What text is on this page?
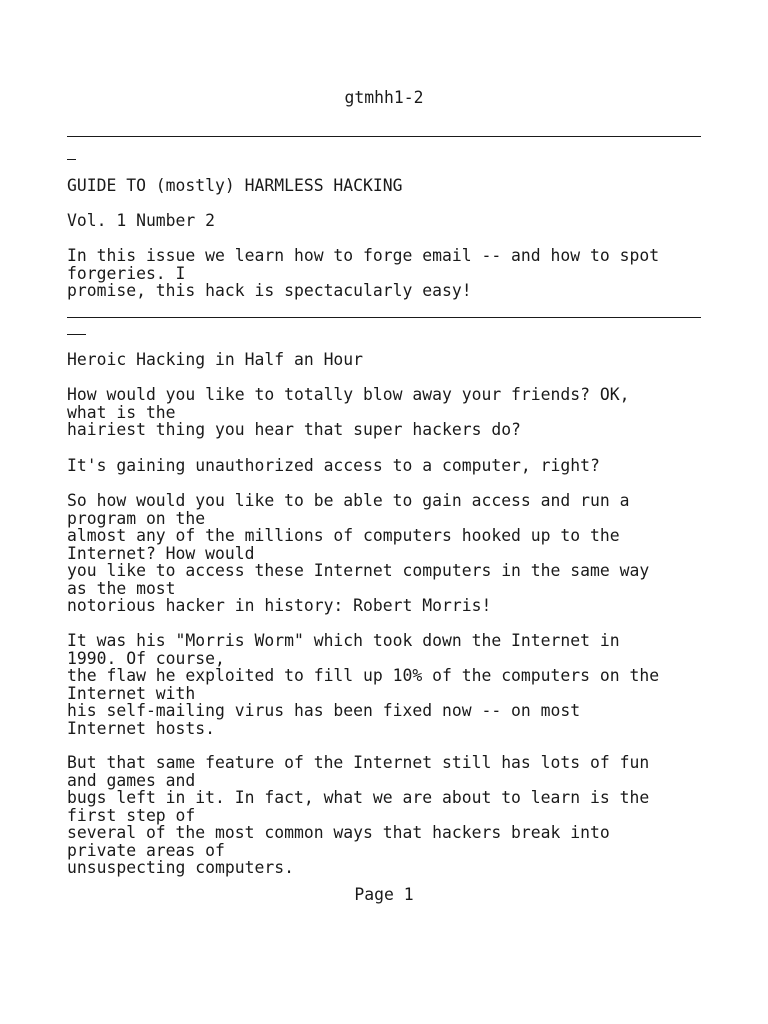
gtmhh1-2
GUIDE TO (mostly) HARMLESS HACKING
Vol. 1 Number 2
In this issue we learn how to forge email -- and how to spot
forgeries. I
promise, this hack is spectacularly easy!
Heroic Hacking in Half an Hour
How would you like to totally blow away your friends? OK,
what is the
hairiest thing you hear that super hackers do?
It's gaining unauthorized access to a computer, right?
So how would you like to be able to gain access and run a
program on the
almost any of the millions of computers hooked up to the
Internet? How would
you like to access these Internet computers in the same way
as the most
notorious hacker in history: Robert Morris!
It was his "Morris Worm" which took down the Internet in
1990. Of course,
the flaw he exploited to fill up 10% of the computers on the
Internet with
his self-mailing virus has been fixed now -- on most
Internet hosts.
But that same feature of the Internet still has lots of fun
and games and
bugs left in it. In fact, what we are about to learn is the
first step of
several of the most common ways that hackers break into
private areas of
unsuspecting computers.
Page 1
